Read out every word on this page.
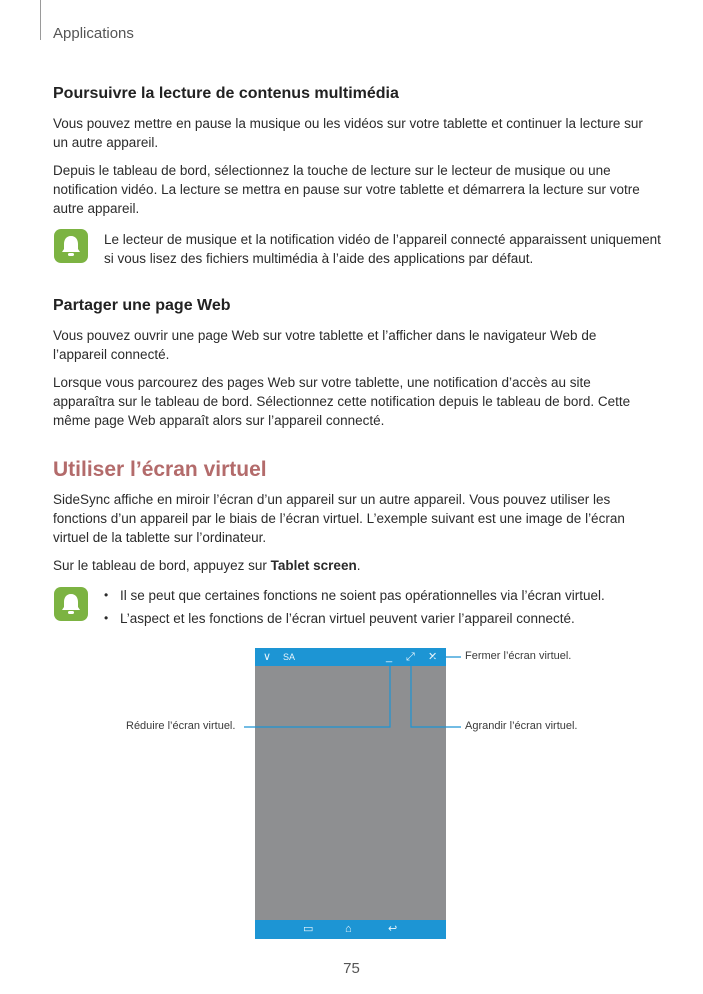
Applications
Poursuivre la lecture de contenus multimédia

Vous pouvez mettre en pause la musique ou les vidéos sur votre tablette et continuer la lecture sur un autre appareil.

Depuis le tableau de bord, sélectionnez la touche de lecture sur le lecteur de musique ou une notification vidéo. La lecture se mettra en pause sur votre tablette et démarrera la lecture sur votre autre appareil.

Le lecteur de musique et la notification vidéo de l’appareil connecté apparaissent uniquement si vous lisez des fichiers multimédia à l’aide des applications par défaut.

Partager une page Web

Vous pouvez ouvrir une page Web sur votre tablette et l’afficher dans le navigateur Web de l’appareil connecté.

Lorsque vous parcourez des pages Web sur votre tablette, une notification d’accès au site apparaîtra sur le tableau de bord. Sélectionnez cette notification depuis le tableau de bord. Cette même page Web apparaît alors sur l’appareil connecté.

Utiliser l’écran virtuel

SideSync affiche en miroir l’écran d’un appareil sur un autre appareil. Vous pouvez utiliser les fonctions d’un appareil par le biais de l’écran virtuel. L’exemple suivant est une image de l’écran virtuel de la tablette sur l’ordinateur.

Sur le tableau de bord, appuyez sur Tablet screen.

• Il se peut que certaines fonctions ne soient pas opérationnelles via l’écran virtuel.
• L’aspect et les fonctions de l’écran virtuel peuvent varier l’appareil connecté.
∨ SA	_ ⤢ ✕
▭	⌂	↩
Fermer l’écran virtuel.
Réduire l’écran virtuel.	Agrandir l’écran virtuel.
75
